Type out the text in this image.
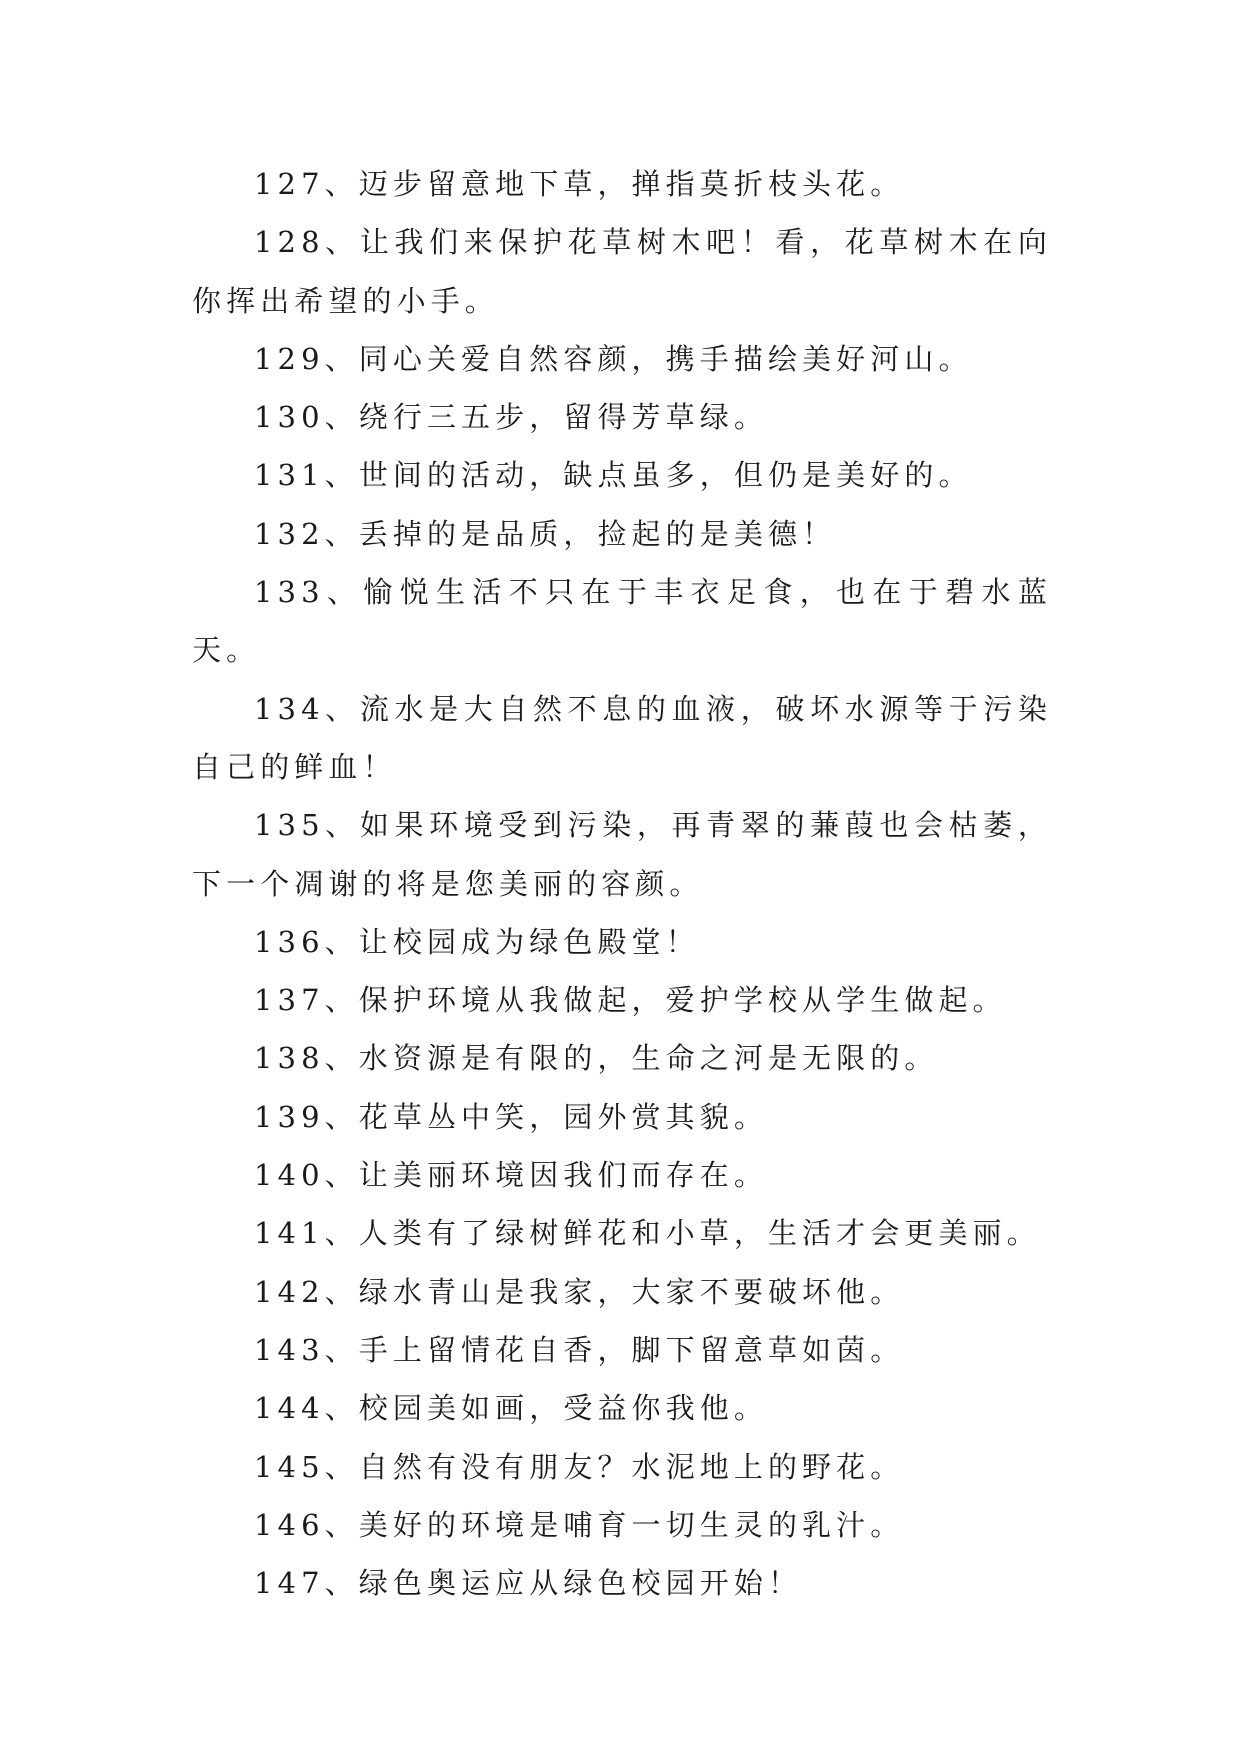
127、迈步留意地下草，掸指莫折枝头花。

128、让我们来保护花草树木吧！看，花草树木在向你挥出希望的小手。

129、同心关爱自然容颜，携手描绘美好河山。

130、绕行三五步，留得芳草绿。

131、世间的活动，缺点虽多，但仍是美好的。

132、丢掉的是品质，捡起的是美德！

133、愉悦生活不只在于丰衣足食，也在于碧水蓝天。

134、流水是大自然不息的血液，破坏水源等于污染自己的鲜血！

135、如果环境受到污染，再青翠的蒹葭也会枯萎，下一个凋谢的将是您美丽的容颜。

136、让校园成为绿色殿堂！

137、保护环境从我做起，爱护学校从学生做起。

138、水资源是有限的，生命之河是无限的。

139、花草丛中笑，园外赏其貌。

140、让美丽环境因我们而存在。

141、人类有了绿树鲜花和小草，生活才会更美丽。

142、绿水青山是我家，大家不要破坏他。

143、手上留情花自香，脚下留意草如茵。

144、校园美如画，受益你我他。

145、自然有没有朋友？水泥地上的野花。

146、美好的环境是哺育一切生灵的乳汁。

147、绿色奥运应从绿色校园开始！
